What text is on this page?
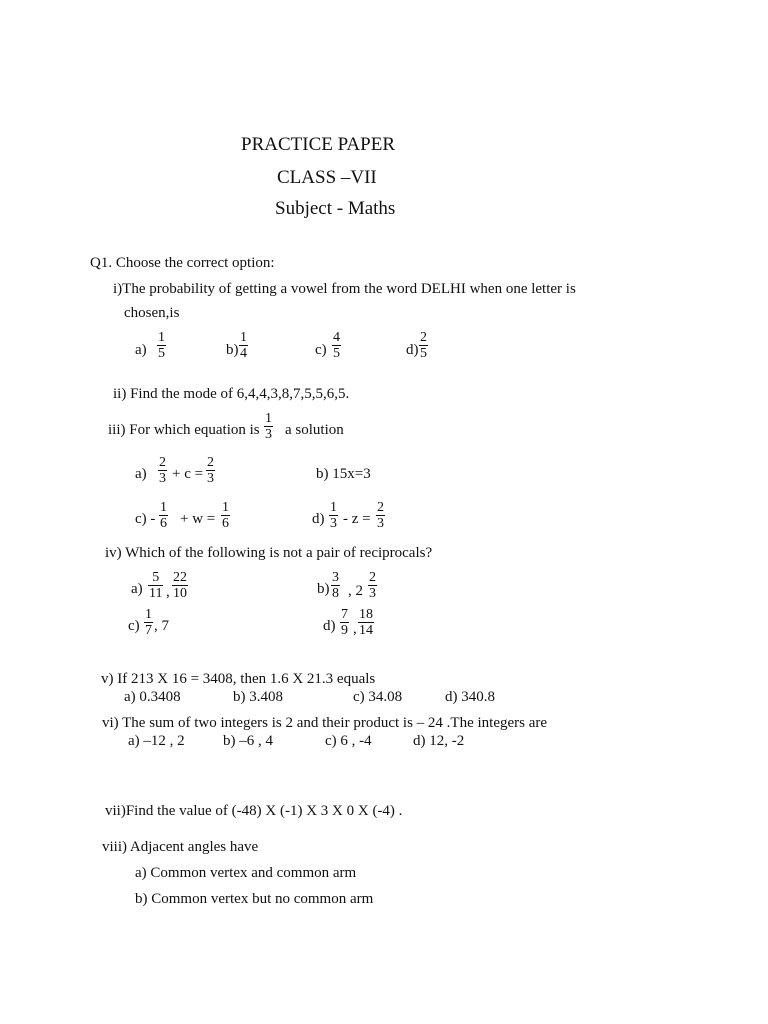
PRACTICE PAPER
CLASS –VII
Subject - Maths
Q1. Choose the correct option:
i)The probability of getting a vowel from the word DELHI when one letter is
chosen,is
a)
1
5	b)
1
4	c)
4
5	d)
2
5
ii) Find the mode of 6,4,4,3,8,7,5,5,6,5.
iii) For which equation is
1
3 a solution
a)
2
3 + c =
2
3	b) 15x=3
c) -
1
6 + w =
1
6	d)
1
3 - z =
2
3
iv) Which of the following is not a pair of reciprocals?
a)
5
11 ,
22
10	b)
3
8 , 2
2
3
c)
1
7 , 7	d)
7
9 ,
18
14
v) If 213 X 16 = 3408, then 1.6 X 21.3 equals
a) 0.3408	b) 3.408	c) 34.08	d) 340.8
vi) The sum of two integers is 2 and their product is – 24 .The integers are
a) –12 , 2	b) –6 , 4	c) 6 , -4	d) 12, -2
vii)Find the value of (-48) X (-1) X 3 X 0 X (-4) .
viii) Adjacent angles have
a) Common vertex and common arm
b) Common vertex but no common arm
